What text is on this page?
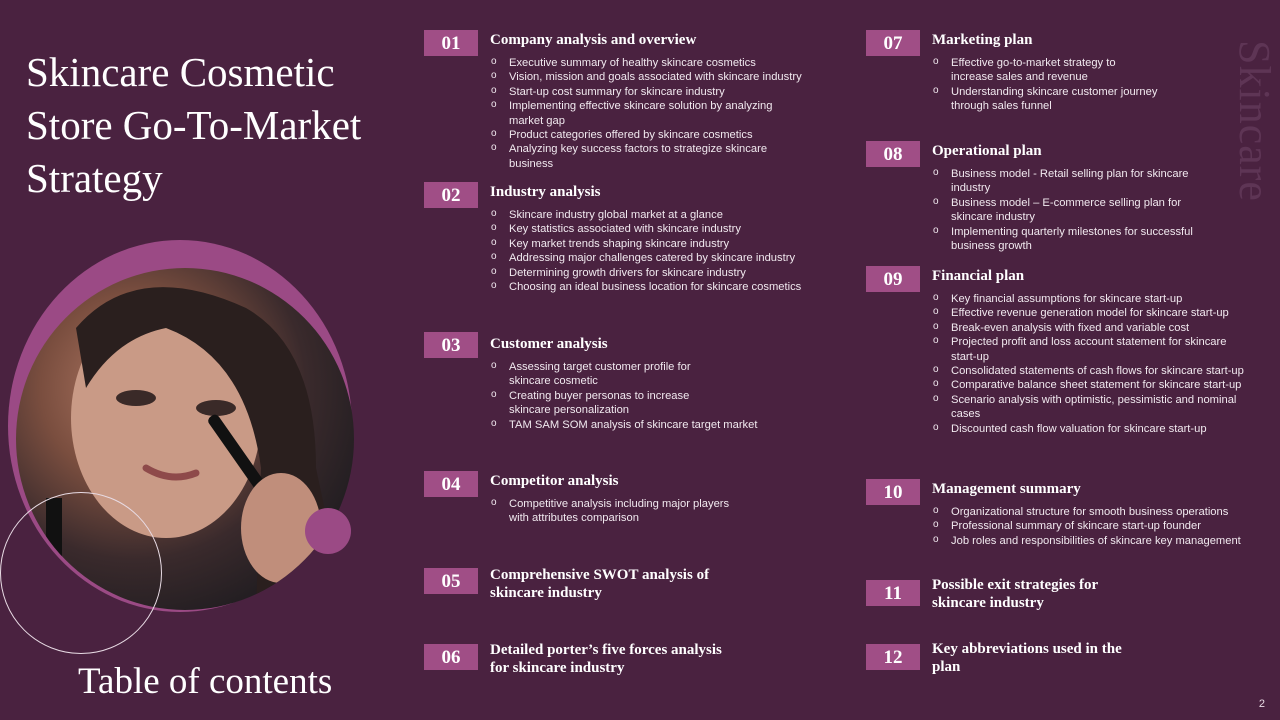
Skincare Cosmetic Store Go-To-Market Strategy
Table of contents
Skincare
01	Company analysis and overview
o Executive summary of healthy skincare cosmetics
o Vision, mission and goals associated with skincare industry
o Start-up cost summary for skincare industry
o Implementing effective skincare solution by analyzing market gap
o Product categories offered by skincare cosmetics
o Analyzing key success factors to strategize skincare business
02	Industry analysis
o Skincare industry global market at a glance
o Key statistics associated with skincare industry
o Key market trends shaping skincare industry
o Addressing major challenges catered by skincare industry
o Determining growth drivers for skincare industry
o Choosing an ideal business location for skincare cosmetics
03	Customer analysis
o Assessing target customer profile for skincare cosmetic
o Creating buyer personas to increase skincare personalization
o TAM SAM SOM analysis of skincare target market
04	Competitor analysis
o Competitive analysis including major players with attributes comparison
05	Comprehensive SWOT analysis of skincare industry
06	Detailed porter’s five forces analysis for skincare industry
07	Marketing plan
o Effective go-to-market strategy to increase sales and revenue
o Understanding skincare customer journey through sales funnel
08	Operational plan
o Business model - Retail selling plan for skincare industry
o Business model – E-commerce selling plan for skincare industry
o Implementing quarterly milestones for successful business growth
09	Financial plan
o Key financial assumptions for skincare start-up
o Effective revenue generation model for skincare start-up
o Break-even analysis with fixed and variable cost
o Projected profit and loss account statement for skincare start-up
o Consolidated statements of cash flows for skincare start-up
o Comparative balance sheet statement for skincare start-up
o Scenario analysis with optimistic, pessimistic and nominal cases
o Discounted cash flow valuation for skincare start-up
10	Management summary
o Organizational structure for smooth business operations
o Professional summary of skincare start-up founder
o Job roles and responsibilities of skincare key management
11	Possible exit strategies for skincare industry
12	Key abbreviations used in the plan
2
